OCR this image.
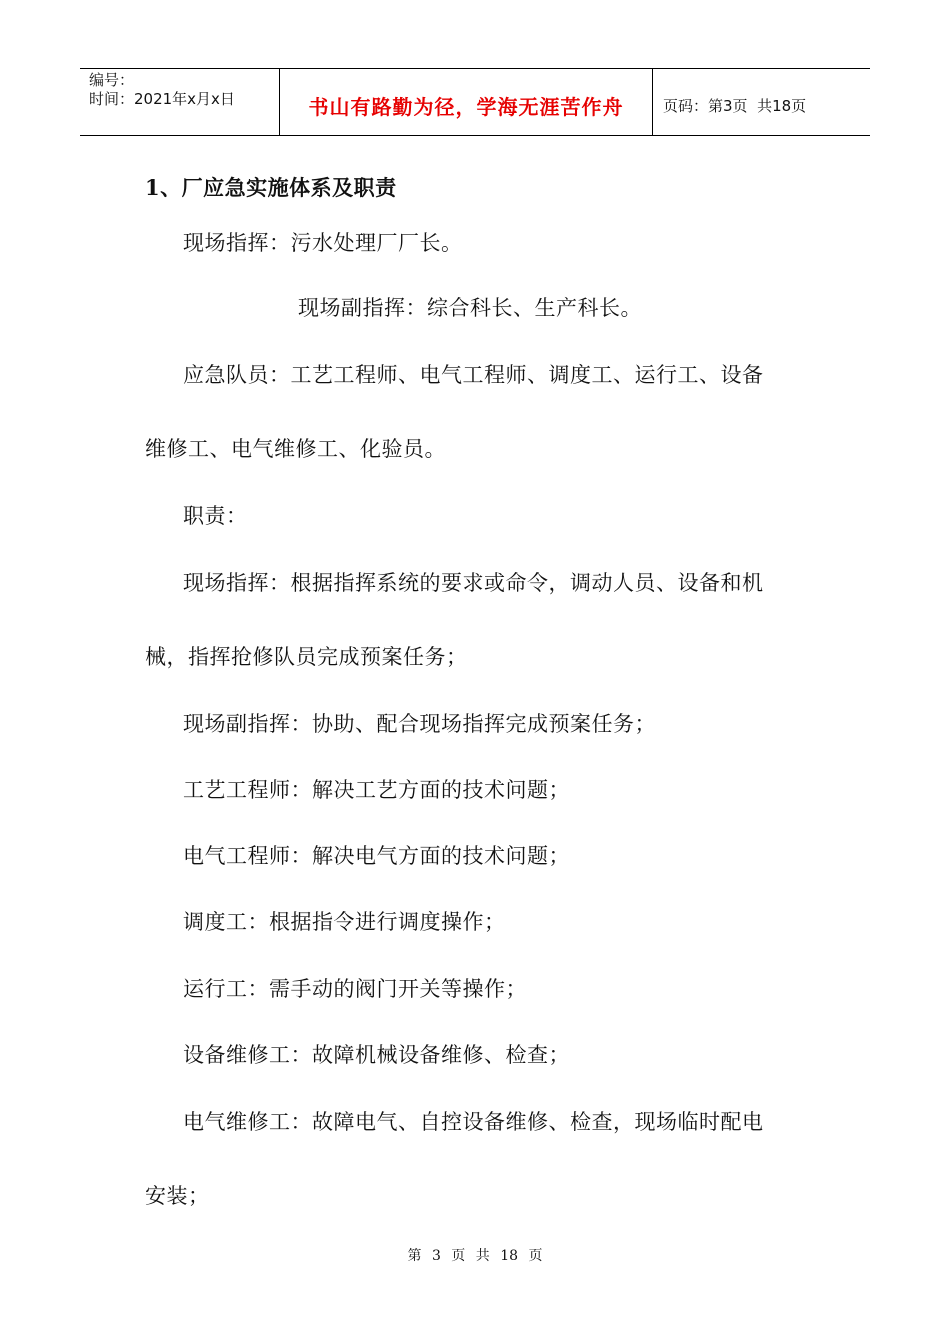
编号：
时间：2021年x月x日	书山有路勤为径，学海无涯苦作舟	页码：第3页  共18页
1、厂应急实施体系及职责
现场指挥：污水处理厂厂长。
现场副指挥：综合科长、生产科长。
应急队员：工艺工程师、电气工程师、调度工、运行工、设备
维修工、电气维修工、化验员。
职责：
现场指挥：根据指挥系统的要求或命令，调动人员、设备和机
械，指挥抢修队员完成预案任务；
现场副指挥：协助、配合现场指挥完成预案任务；
工艺工程师：解决工艺方面的技术问题；
电气工程师：解决电气方面的技术问题；
调度工：根据指令进行调度操作；
运行工：需手动的阀门开关等操作；
设备维修工：故障机械设备维修、检查；
电气维修工：故障电气、自控设备维修、检查，现场临时配电
安装；
第 3 页 共 18 页
